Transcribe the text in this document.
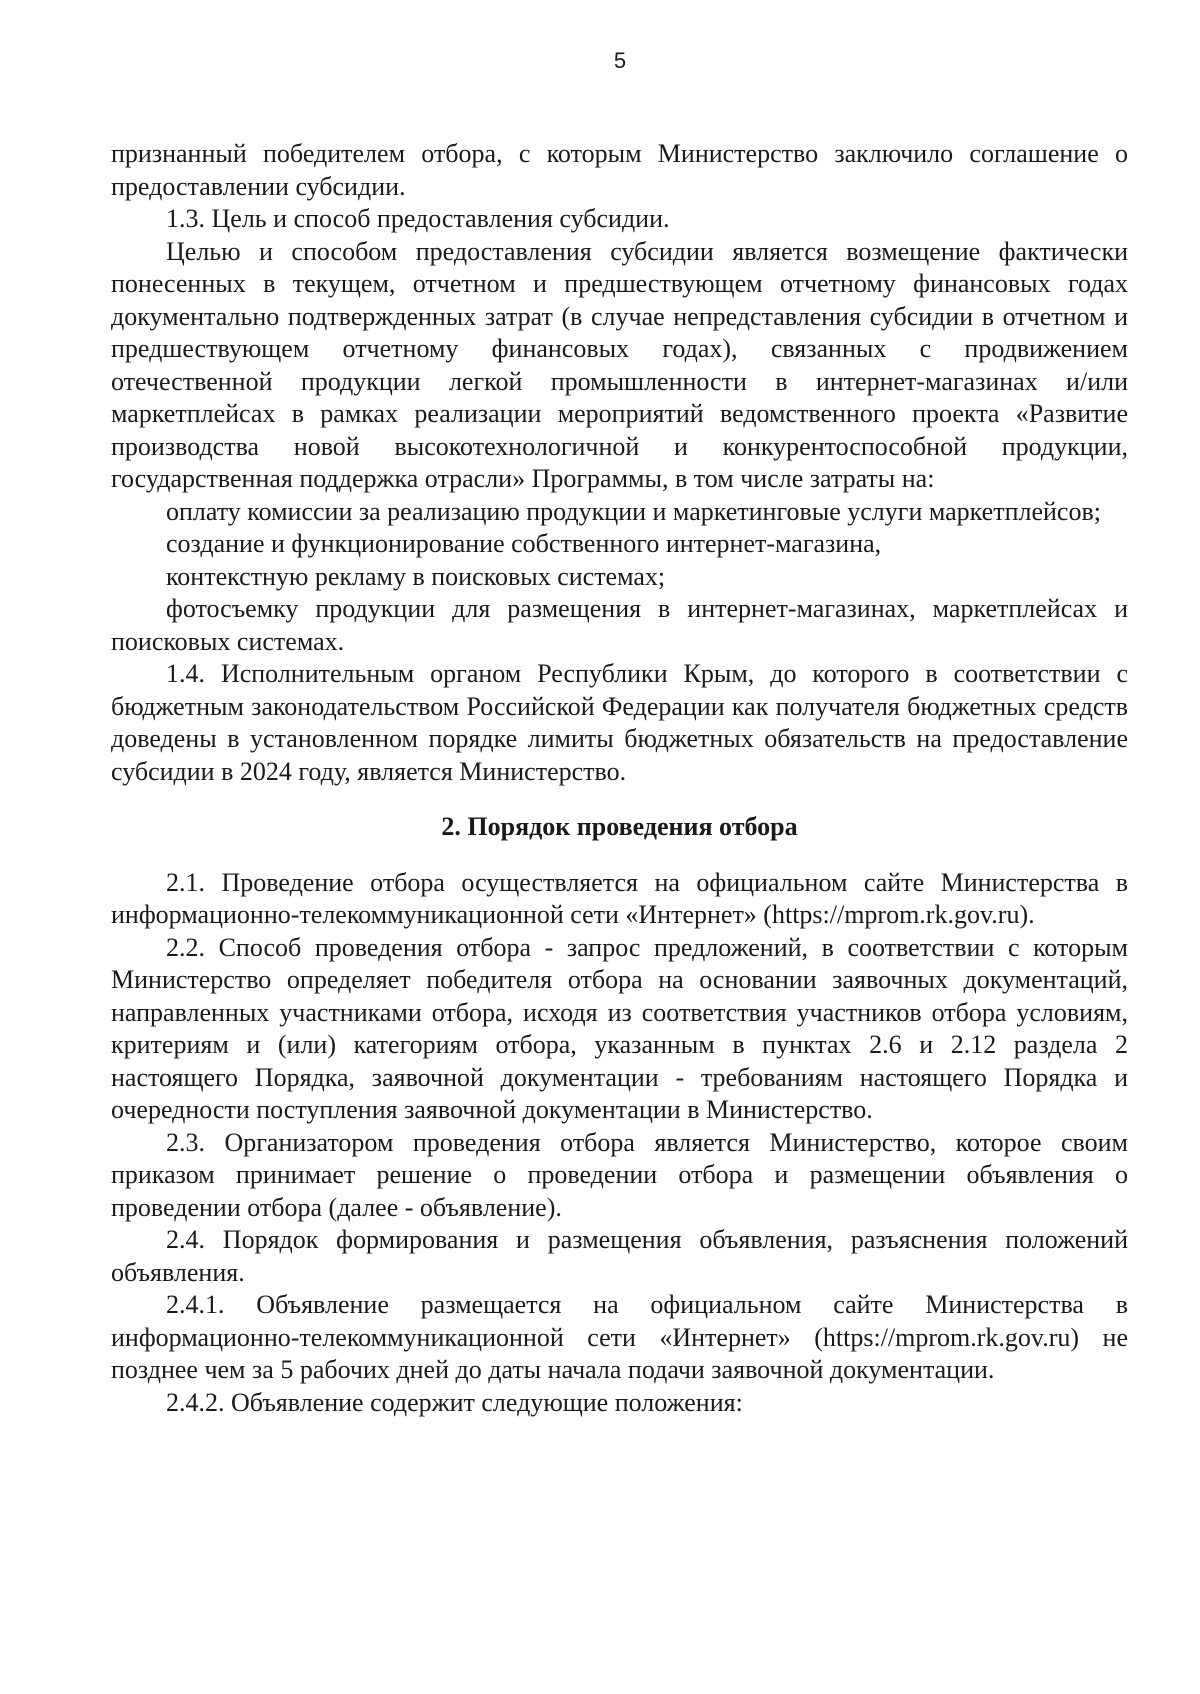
5

признанный победителем отбора, с которым Министерство заключило соглашение о предоставлении субсидии.

1.3. Цель и способ предоставления субсидии.

Целью и способом предоставления субсидии является возмещение фактически понесенных в текущем, отчетном и предшествующем отчетному финансовых годах документально подтвержденных затрат (в случае непредставления субсидии в отчетном и предшествующем отчетному финансовых годах), связанных с продвижением отечественной продукции легкой промышленности в интернет-магазинах и/или маркетплейсах в рамках реализации мероприятий ведомственного проекта «Развитие производства новой высокотехнологичной и конкурентоспособной продукции, государственная поддержка отрасли» Программы, в том числе затраты на:

оплату комиссии за реализацию продукции и маркетинговые услуги маркетплейсов;

создание и функционирование собственного интернет-магазина,

контекстную рекламу в поисковых системах;

фотосъемку продукции для размещения в интернет-магазинах, маркетплейсах и поисковых системах.

1.4. Исполнительным органом Республики Крым, до которого в соответствии с бюджетным законодательством Российской Федерации как получателя бюджетных средств доведены в установленном порядке лимиты бюджетных обязательств на предоставление субсидии в 2024 году, является Министерство.

2. Порядок проведения отбора

2.1. Проведение отбора осуществляется на официальном сайте Министерства в информационно-телекоммуникационной сети «Интернет» (https://mprom.rk.gov.ru).

2.2. Способ проведения отбора - запрос предложений, в соответствии с которым Министерство определяет победителя отбора на основании заявочных документаций, направленных участниками отбора, исходя из соответствия участников отбора условиям, критериям и (или) категориям отбора, указанным в пунктах 2.6 и 2.12 раздела 2 настоящего Порядка, заявочной документации - требованиям настоящего Порядка и очередности поступления заявочной документации в Министерство.

2.3. Организатором проведения отбора является Министерство, которое своим приказом принимает решение о проведении отбора и размещении объявления о проведении отбора (далее - объявление).

2.4. Порядок формирования и размещения объявления, разъяснения положений объявления.

2.4.1. Объявление размещается на официальном сайте Министерства в информационно-телекоммуникационной сети «Интернет» (https://mprom.rk.gov.ru) не позднее чем за 5 рабочих дней до даты начала подачи заявочной документации.

2.4.2. Объявление содержит следующие положения:
